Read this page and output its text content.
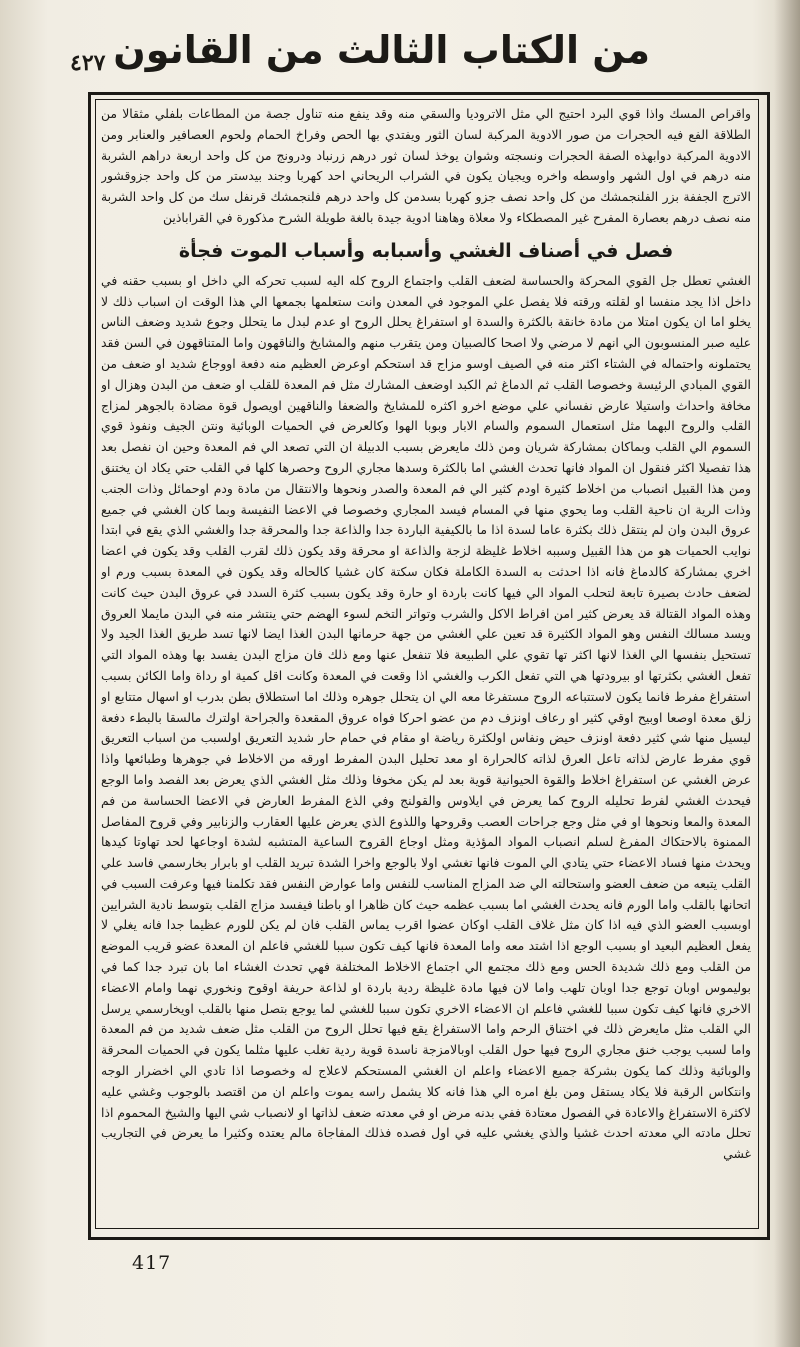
٤٢٧ من الكتاب الثالث من القانون

واقراص المسك واذا قوي البرد احتيج الي مثل الاتروديا والسقي منه وقد ينفع منه تناول جصة من المطاعات بلفلي مثقالا من الطلاقة الفع فيه الحجرات من صور الادوية المركبة لسان الثور ويفتدي بها الحص وفراخ الحمام ولحوم العصافير والعنابر ومن الادوية المركبة دوابهذه الصفة الحجرات ونسجته وشوان يوخذ لسان ثور درهم زرنباد ودرونج من كل واحد اربعة دراهم الشربة منه درهم في اول الشهر واوسطه واخره ويجيان يكون في الشراب الريحاني احد كهربا وجند بيدستر من كل واحد جزوقشور الاترج الجففة بزر الفلنجمشك من كل واحد نصف جزو كهربا بسدمن كل واحد درهم فلنجمشك قرنفل سك من كل واحد الشربة منه نصف درهم بعصارة المفرح غير المصطكاء ولا معلاة وهاهنا ادوية جيدة بالغة طويلة الشرح مذكورة في القراباذين

فصل في أصناف الغشي وأسبابه وأسباب الموت فجأة

الغشي تعطل جل القوي المحركة والحساسة لضعف القلب واجتماع الروح كله اليه لسبب تحركه الي داخل او بسبب حقنه في داخل اذا يجد منفسا او لقلته ورقته فلا يفصل علي الموجود في المعدن وانت ستعلمها بجمعها الي هذا الوقت ان اسباب ذلك لا يخلو اما ان يكون امتلا من مادة خانقة بالكثرة والسدة او استفراغ يحلل الروح او عدم لبدل ما يتحلل وجوع شديد وضعف الناس عليه صبر المنسوبون الي انهم لا مرضي ولا اصحا كالصبيان ومن يتقرب منهم والمشايخ والناقهون واما المتناقهون في السن فقد يحتملونه واحتماله في الشتاء اكثر منه في الصيف اوسو مزاج قد استحكم اوعرض العظيم منه دفعة اووجاع شديد او ضعف من القوي المبادي الرئيسة وخصوصا القلب ثم الدماغ ثم الكبد اوضعف المشارك مثل فم المعدة للقلب او ضعف من البدن وهزال او مخافة واحداث واستيلا عارض نفساني علي موضع اخرو اكثره للمشايخ والضعفا والناقهين اويصول قوة مضادة بالجوهر لمزاج القلب والروح البهما مثل استعمال السموم والسام الابار وبوبا الهوا وكالعرض في الحميات الوبائية ونتن الجيف ونفوذ قوي السموم الي القلب وبماكان بمشاركة شريان ومن ذلك مايعرض بسبب الدبيلة ان التي تصعد الي فم المعدة وحين ان نفصل بعد هذا تفصيلا اكثر فنقول ان المواد فانها تحدث الغشي اما بالكثرة وسدها مجاري الروح وحصرها كلها في القلب حتي يكاد ان يختنق ومن هذا القبيل انصباب من اخلاط كثيرة اودم كثير الي فم المعدة والصدر ونحوها والانتقال من مادة ودم اوحمائل وذات الجنب وذات الرية ان ناحية القلب وما يحوي منها في المسام فيسد المجاري وخصوصا في الاعضا النفيسة وبما كان الغشي في جميع عروق البدن وان لم ينتقل ذلك بكثرة عاما لسدة اذا ما بالكيفية الباردة جدا والذاعة جدا والمحرقة جدا والغشي الذي يقع في ابتدا نوايب الحميات هو من هذا القبيل وسببه اخلاط غليظة لزجة والذاعة او محرقة وقد يكون ذلك لقرب القلب وقد يكون في اعضا اخري بمشاركة كالدماغ فانه اذا احدثت به السدة الكاملة فكان سكتة كان غشيا كالحاله وقد يكون في المعدة بسبب ورم او لضعف حادث بصيرة تابعة لتحلب المواد الي فيها كانت باردة او حارة وقد يكون بسبب كثرة السدد في عروق البدن حيث كانت وهذه المواد القتالة قد يعرض كثير امن افراط الاكل والشرب وتواتر التخم لسوء الهضم حتي ينتشر منه في البدن مايملا العروق ويسد مسالك النفس وهو المواد الكثيرة قد تعين علي الغشي من جهة حرمانها البدن الغذا ايضا لانها تسد طريق الغذا الجيد ولا تستحيل بنفسها الي الغذا لانها اكثر تها تقوي علي الطبيعة فلا تنفعل عنها ومع ذلك فان مزاج البدن يفسد بها وهذه المواد التي تفعل الغشي بكثرتها او بيرودتها هي التي تفعل الكرب والغشي اذا وقعت في المعدة وكانت اقل كمية او رداة واما الكائن بسبب استفراغ مفرط فانما يكون لاستتباعه الروح مستفرغا معه الي ان يتحلل جوهره وذلك اما استطلاق بطن بدرب او اسهال متتابع او زلق معدة اوصعا اوبيح اوقي كثير او رعاف اونزف دم من عضو احركا فواه عروق المقعدة والجراحة اولترك مالسقا بالبطء دفعة ليسيل منها شي كثير دفعة اونزف حيض ونفاس اولكثرة رياضة او مقام في حمام حار شديد التعريق اولسبب من اسباب التعريق قوي مفرط عارض لذاته تاعل العرق لذاته كالحرارة او معد تحليل البدن المفرط اورقه من الاخلاط في جوهرها وطبائعها واذا عرض الغشي عن استفراغ اخلاط والقوة الحيوانية قوية بعد لم يكن مخوفا وذلك مثل الغشي الذي يعرض بعد الفصد واما الوجع فيحدث الغشي لفرط تحليله الروح كما يعرض في ايلاوس والقولنج وفي الذع المفرط العارض في الاعضا الحساسة من فم المعدة والمعا ونحوها او في مثل وجع جراحات العصب وقروحها واللذوع الذي يعرض عليها العقارب والزنابير وفي قروح المفاصل الممنوة بالاحتكاك المفرغ لسلم انصباب المواد المؤذية ومثل اوجاع القروح الساعية المتشبه لشدة اوجاعها لحد تهاوتا كيدها ويحدث منها فساد الاعضاء حتي يتادي الي الموت فانها تغشي اولا بالوجع واخرا الشدة تبريد القلب او بابرار بخارسمي فاسد علي القلب يتبعه من ضعف العضو واستحالته الي ضد المزاج المناسب للنفس واما عوارض النفس فقد تكلمنا فيها وعرفت السبب في اتحانها بالقلب واما الورم فانه يحدث الغشي اما بسبب عظمه حيث كان ظاهرا او باطنا فيفسد مزاج القلب بتوسط نادية الشرايين اوبسبب العضو الذي فيه اذا كان مثل غلاف القلب اوكان عضوا اقرب يماس القلب فان لم يكن للورم عظيما جدا فانه يغلي لا يفعل العظيم البعيد او بسبب الوجع اذا اشتد معه واما المعدة فانها كيف تكون سببا للغشي فاعلم ان المعدة عضو قريب الموضع من القلب ومع ذلك شديدة الحس ومع ذلك مجتمع الي اجتماع الاخلاط المختلفة فهي تحدث الغشاء اما بان تبرد جدا كما في بوليموس اوبان توجع جدا اوبان تلهب واما لان فيها مادة غليظة ردية باردة او لذاعة حريفة اوقوح ونخوري نهما وامام الاعضاء الاخري فانها كيف تكون سببا للغشي فاعلم ان الاعضاء الاخري تكون سببا للغشي لما يوجع بتصل منها بالقلب اويخارسمي يرسل الي القلب مثل مايعرض ذلك في اختناق الرحم واما الاستفراغ يقع فيها تحلل الروح من القلب مثل ضعف شديد من فم المعدة واما لسبب يوجب خنق مجاري الروح فيها حول القلب اوبالامزجة ناسدة قوية ردية تغلب عليها مثلما يكون في الحميات المحرقة والوبائية وذلك كما يكون بشركة جميع الاعضاء واعلم ان الغشي المستحكم لاعلاج له وخصوصا اذا تادي الي اخضرار الوجه وانتكاس الرقبة فلا يكاد يستقل ومن بلغ امره الي هذا فانه كلا يشمل راسه يموت واعلم ان من اقتصد بالوجوب وغشي عليه لاكثرة الاستفراغ والاعادة في الفصول معتادة ففي بدنه مرض او في معدته ضعف لذاتها او لانصباب شي اليها والشيخ المحموم اذا تحلل مادته الي معدته احدث غشيا والذي يغشي عليه في اول فصده فذلك المفاجاة مالم يعتده وكثيرا ما يعرض في التجاريب غشي

417
